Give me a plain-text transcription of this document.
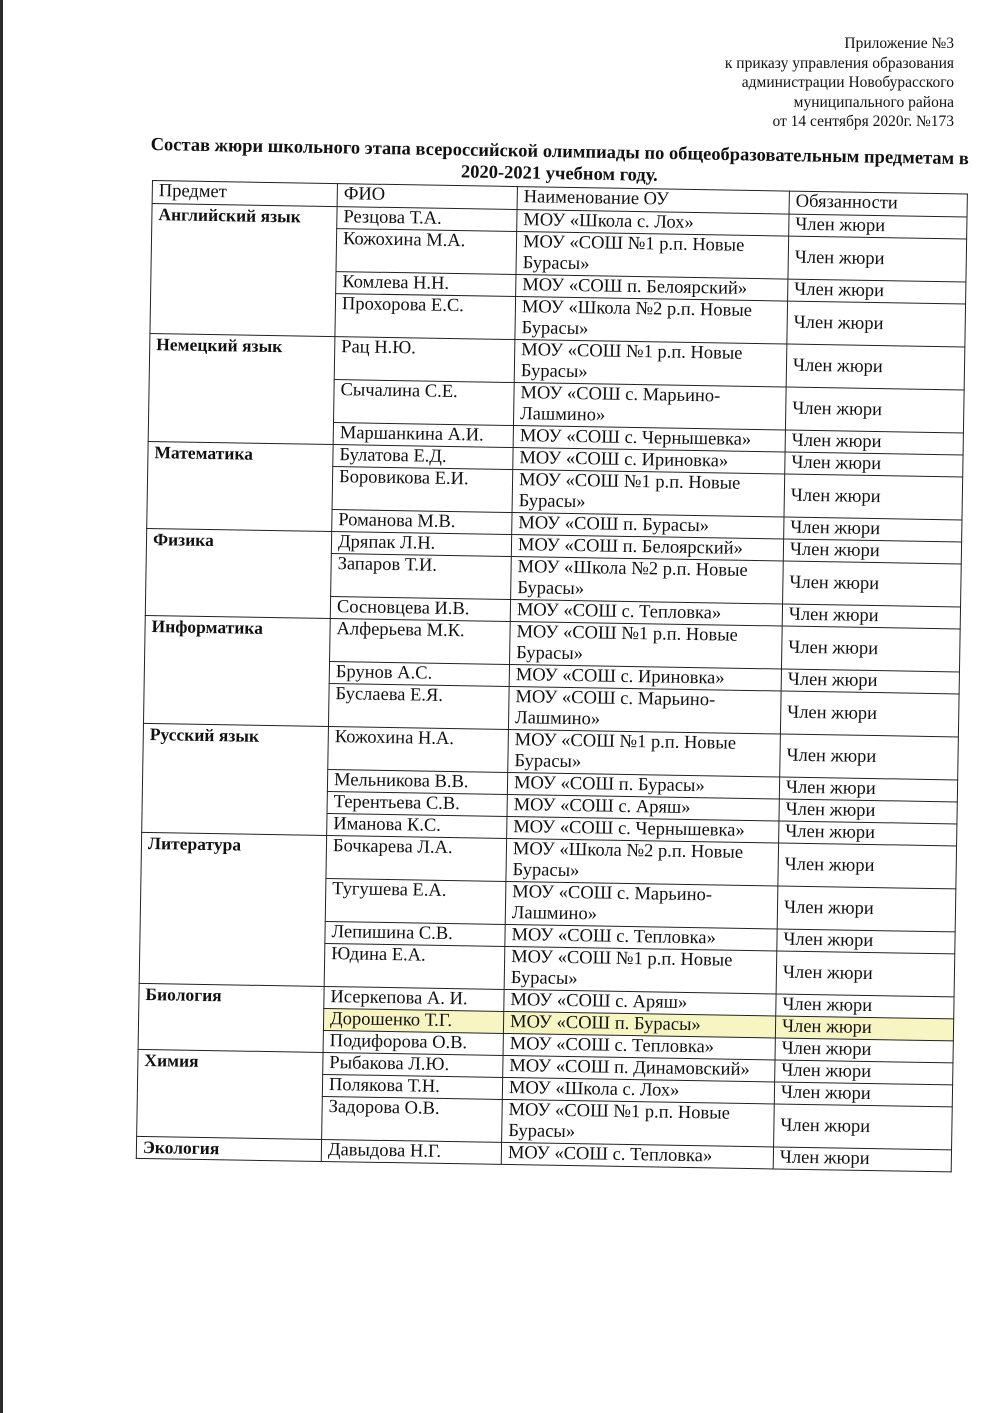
Приложение №3
к приказу управления образования
администрации Новобурасского
муниципального района
от 14 сентября 2020г. №173
Состав жюри школьного этапа всероссийской олимпиады по общеобразовательным предметам в 2020-2021 учебном году.
Предмет	ФИО	Наименование ОУ	Обязанности
Английский язык	Резцова Т.А.	МОУ «Школа с. Лох»	Член жюри
	Кожохина М.А.	МОУ «СОШ №1 р.п. Новые Бурасы»	Член жюри
	Комлева Н.Н.	МОУ «СОШ п. Белоярский»	Член жюри
	Прохорова Е.С.	МОУ «Школа №2 р.п. Новые Бурасы»	Член жюри
Немецкий язык	Рац Н.Ю.	МОУ «СОШ №1 р.п. Новые Бурасы»	Член жюри
	Сычалина С.Е.	МОУ «СОШ с. Марьино-Лашмино»	Член жюри
	Маршанкина А.И.	МОУ «СОШ с. Чернышевка»	Член жюри
Математика	Булатова Е.Д.	МОУ «СОШ с. Ириновка»	Член жюри
	Боровикова Е.И.	МОУ «СОШ №1 р.п. Новые Бурасы»	Член жюри
	Романова М.В.	МОУ «СОШ п. Бурасы»	Член жюри
Физика	Дряпак Л.Н.	МОУ «СОШ п. Белоярский»	Член жюри
	Запаров Т.И.	МОУ «Школа №2 р.п. Новые Бурасы»	Член жюри
	Сосновцева И.В.	МОУ «СОШ с. Тепловка»	Член жюри
Информатика	Алферьева М.К.	МОУ «СОШ №1 р.п. Новые Бурасы»	Член жюри
	Брунов А.С.	МОУ «СОШ с. Ириновка»	Член жюри
	Буслаева Е.Я.	МОУ «СОШ с. Марьино-Лашмино»	Член жюри
Русский язык	Кожохина Н.А.	МОУ «СОШ №1 р.п. Новые Бурасы»	Член жюри
	Мельникова В.В.	МОУ «СОШ п. Бурасы»	Член жюри
	Терентьева С.В.	МОУ «СОШ с. Аряш»	Член жюри
	Иманова К.С.	МОУ «СОШ с. Чернышевка»	Член жюри
Литература	Бочкарева Л.А.	МОУ «Школа №2 р.п. Новые Бурасы»	Член жюри
	Тугушева Е.А.	МОУ «СОШ с. Марьино-Лашмино»	Член жюри
	Лепишина С.В.	МОУ «СОШ с. Тепловка»	Член жюри
	Юдина Е.А.	МОУ «СОШ №1 р.п. Новые Бурасы»	Член жюри
Биология	Исеркепова А. И.	МОУ «СОШ с. Аряш»	Член жюри
	Дорошенко Т.Г.	МОУ «СОШ п. Бурасы»	Член жюри
	Подифорова О.В.	МОУ «СОШ с. Тепловка»	Член жюри
Химия	Рыбакова Л.Ю.	МОУ «СОШ п. Динамовский»	Член жюри
	Полякова Т.Н.	МОУ «Школа с. Лох»	Член жюри
	Задорова О.В.	МОУ «СОШ №1 р.п. Новые Бурасы»	Член жюри
Экология	Давыдова Н.Г.	МОУ «СОШ с. Тепловка»	Член жюри
